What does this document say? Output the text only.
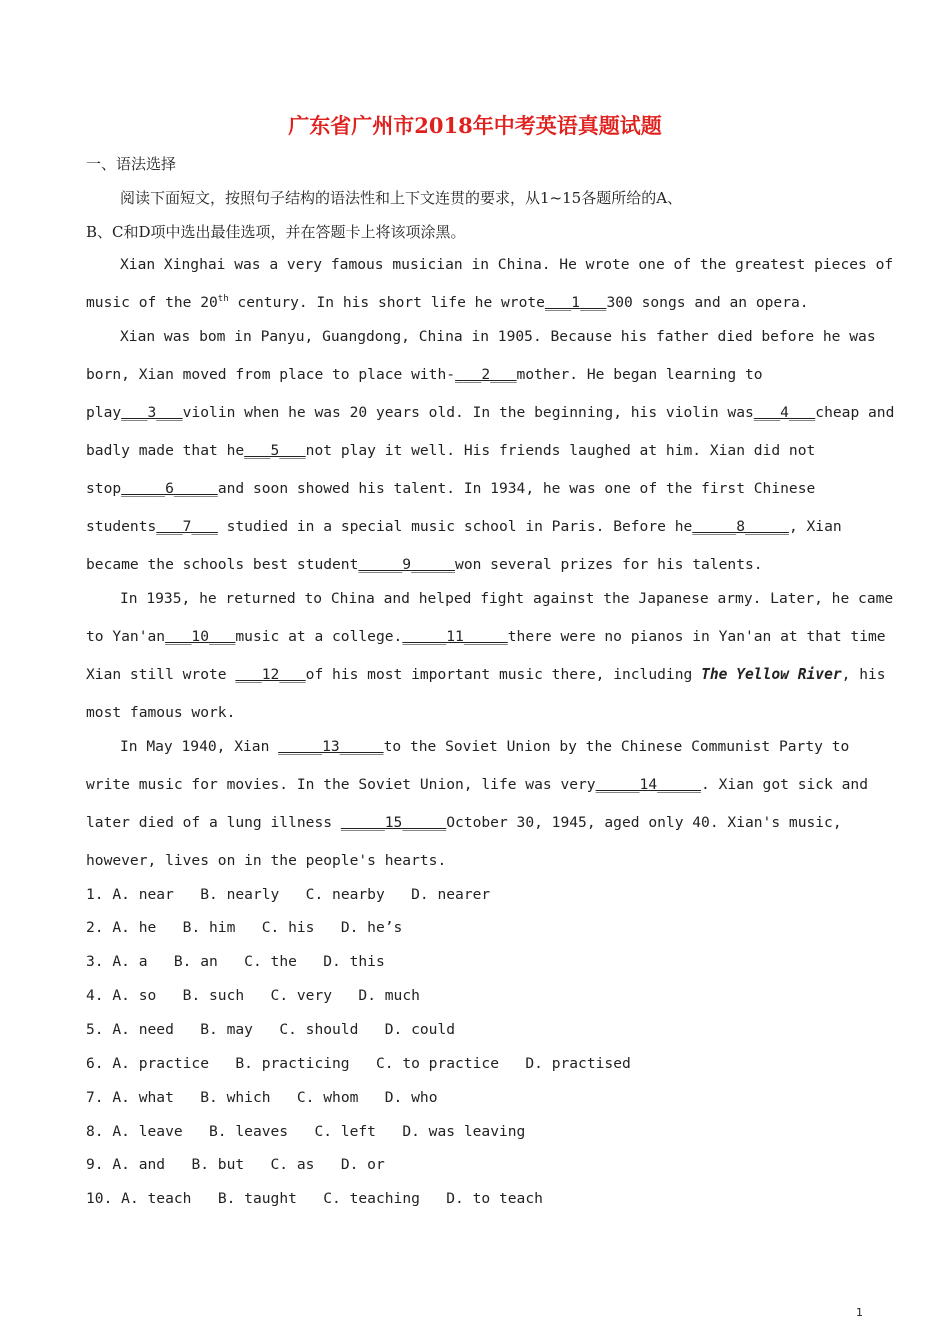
广东省广州市2018年中考英语真题试题
一、语法选择
阅读下面短文，按照句子结构的语法性和上下文连贯的要求，从1~15各题所给的A、
B、C和D项中选出最佳选项，并在答题卡上将该项涂黑。
Xian Xinghai was a very famous musician in China. He wrote one of the greatest pieces of
music of the 20th century. In his short life he wrote___1___300 songs and an opera.
Xian was bom in Panyu, Guangdong, China in 1905. Because his father died before he was
born, Xian moved from place to place with-___2___mother. He began learning to
play___3___violin when he was 20 years old. In the beginning, his violin was___4___cheap and
badly made that he___5___not play it well. His friends laughed at him. Xian did not
stop_____6_____and soon showed his talent. In 1934, he was one of the first Chinese
students___7___ studied in a special music school in Paris. Before he_____8_____, Xian
became the schools best student_____9_____won several prizes for his talents.
In 1935, he returned to China and helped fight against the Japanese army. Later, he came
to Yan'an___10___music at a college._____11_____there were no pianos in Yan'an at that time
Xian still wrote ___12___of his most important music there, including The Yellow River, his
most famous work.
In May 1940, Xian _____13_____to the Soviet Union by the Chinese Communist Party to
write music for movies. In the Soviet Union, life was very_____14_____. Xian got sick and
later died of a lung illness _____15_____October 30, 1945, aged only 40. Xian's music,
however, lives on in the people's hearts.
1. A. near B. nearly C. nearby D. nearer
2. A. he B. him C. his D. he’s
3. A. a B. an C. the D. this
4. A. so B. such C. very D. much
5. A. need B. may C. should D. could
6. A. practice B. practicing C. to practice D. practised
7. A. what B. which C. whom D. who
8. A. leave B. leaves C. left D. was leaving
9. A. and B. but C. as D. or
10. A. teach B. taught C. teaching D. to teach
1
